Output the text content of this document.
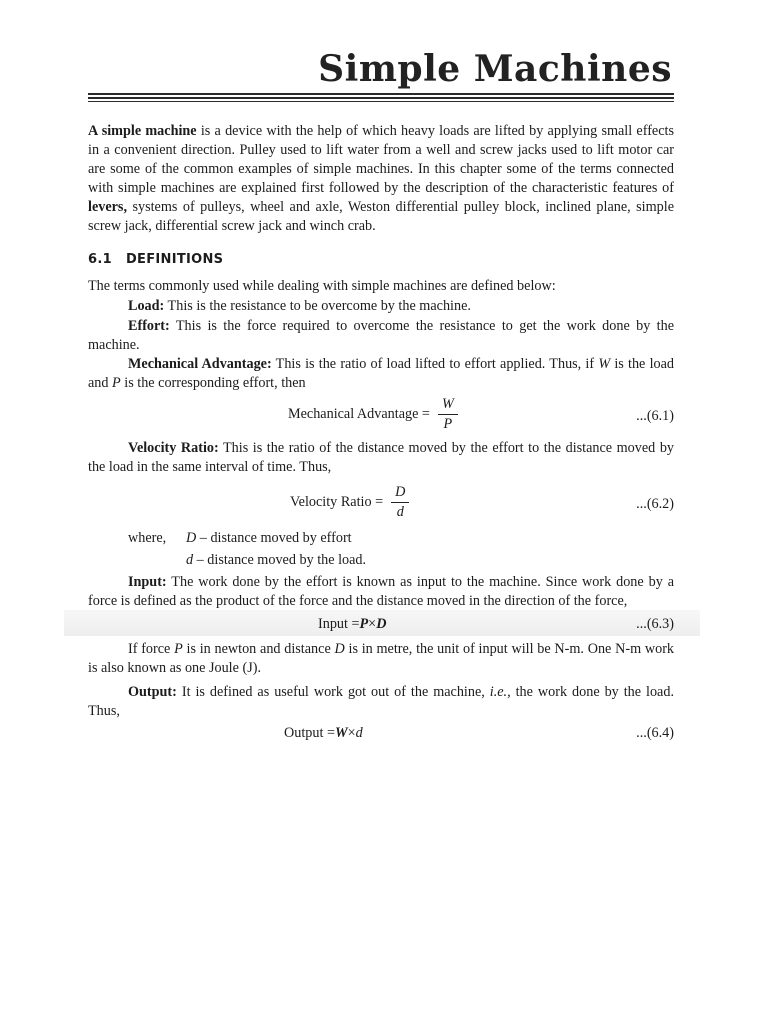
Simple Machines

A simple machine is a device with the help of which heavy loads are lifted by applying small effects in a convenient direction. Pulley used to lift water from a well and screw jacks used to lift motor car are some of the common examples of simple machines. In this chapter some of the terms connected with simple machines are explained first followed by the description of the characteristic features of levers, systems of pulleys, wheel and axle, Weston differential pulley block, inclined plane, simple screw jack, differential screw jack and winch crab.

6.1 DEFINITIONS

The terms commonly used while dealing with simple machines are defined below:

Load: This is the resistance to be overcome by the machine.

Effort: This is the force required to overcome the resistance to get the work done by the machine.

Mechanical Advantage: This is the ratio of load lifted to effort applied. Thus, if W is the load and P is the corresponding effort, then

Mechanical Advantage = $\frac{W}{P}$	...(6.1)

Velocity Ratio: This is the ratio of the distance moved by the effort to the distance moved by the load in the same interval of time. Thus,

Velocity Ratio = $\frac{D}{d}$	...(6.2)
where, D – distance moved by effort
d – distance moved by the load.

Input: The work done by the effort is known as input to the machine. Since work done by a force is defined as the product of the force and the distance moved in the direction of the force,

Input = P × D	...(6.3)

If force P is in newton and distance D is in metre, the unit of input will be N-m. One N-m work is also known as one Joule (J).

Output: It is defined as useful work got out of the machine, i.e., the work done by the load. Thus,

Output = W × d	...(6.4)
